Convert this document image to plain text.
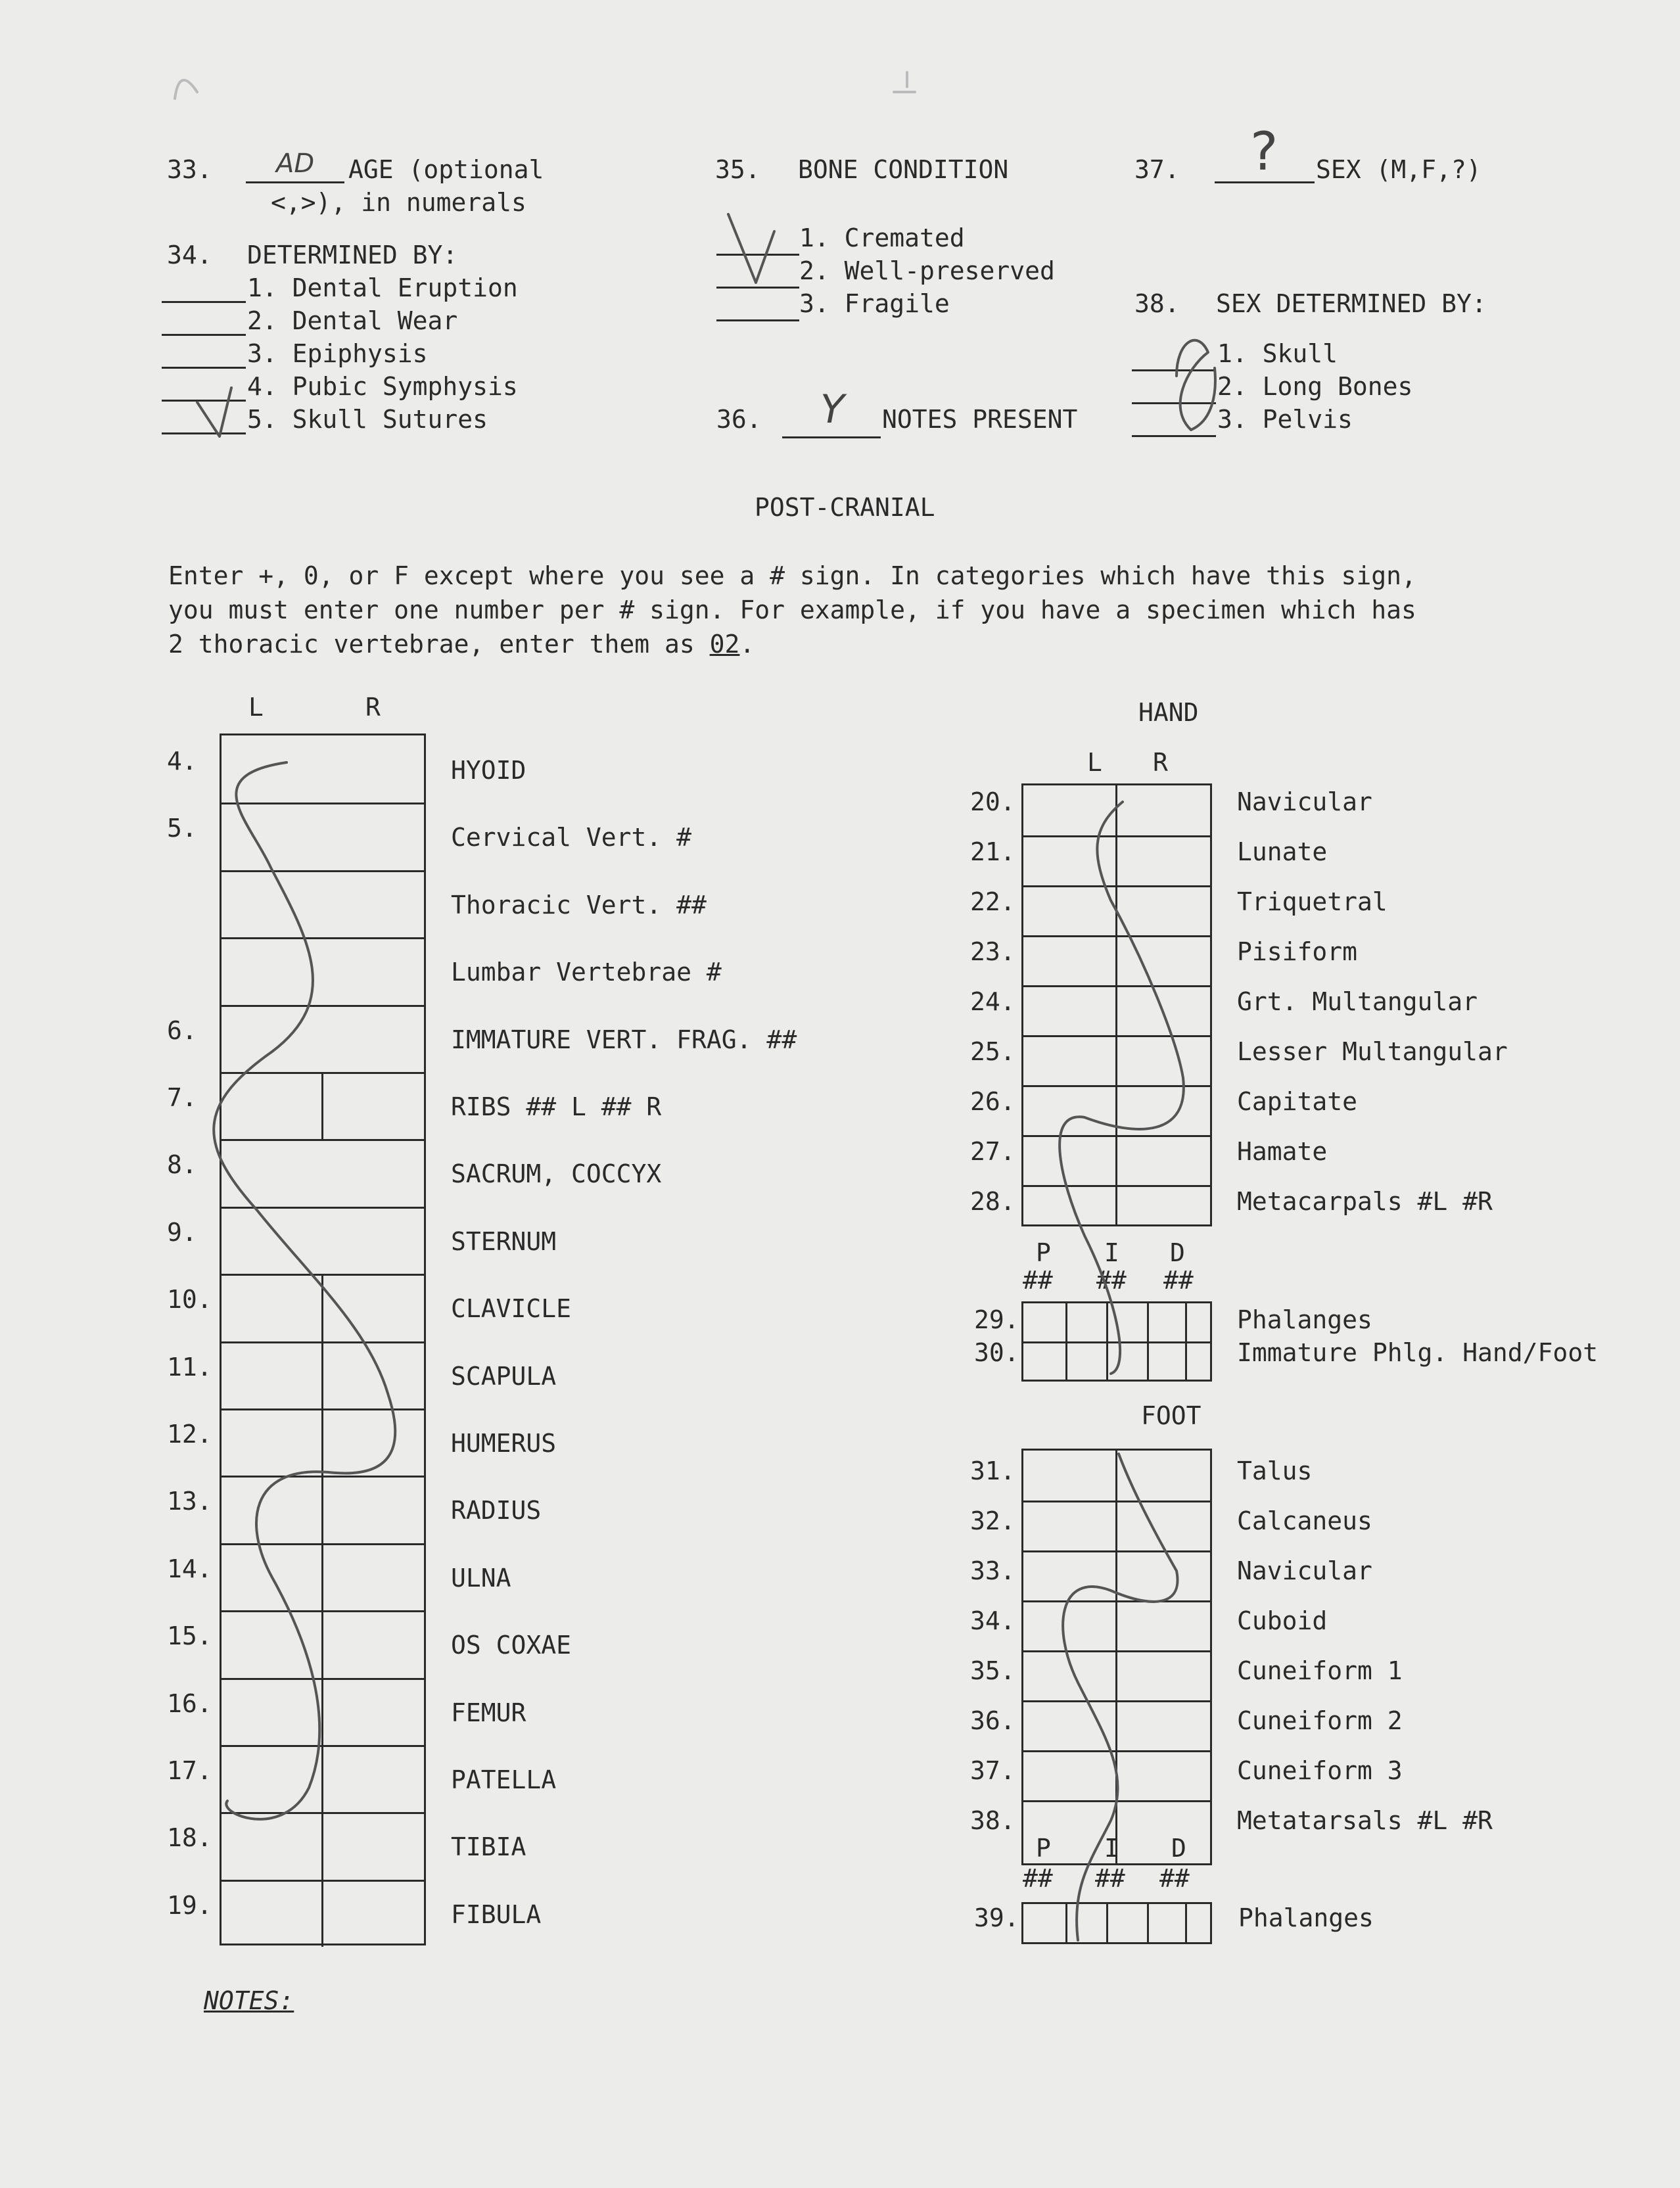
33. AD AGE (optional
<,>), in numerals
34. DETERMINED BY:
1. Dental Eruption
2. Dental Wear
3. Epiphysis
4. Pubic Symphysis
5. Skull Sutures
35. BONE CONDITION
1. Cremated
2. Well-preserved
3. Fragile
36. Y NOTES PRESENT
37. ? SEX (M,F,?)
38. SEX DETERMINED BY:
1. Skull
2. Long Bones
3. Pelvis
POST-CRANIAL
Enter +, 0, or F except where you see a # sign. In categories which have this sign,
you must enter one number per # sign. For example, if you have a specimen which has
2 thoracic vertebrae, enter them as 02.
L	R
4.	HYOID
5.	Cervical Vert. #
Thoracic Vert. ##
Lumbar Vertebrae #
6.	IMMATURE VERT. FRAG. ##
7.	RIBS ## L ## R
8.	SACRUM, COCCYX
9.	STERNUM
10.	CLAVICLE
11.	SCAPULA
12.	HUMERUS
13.	RADIUS
14.	ULNA
15.	OS COXAE
16.	FEMUR
17.	PATELLA
18.	TIBIA
19.	FIBULA
HAND
L R
20.	Navicular
21.	Lunate
22.	Triquetral
23.	Pisiform
24.	Grt. Multangular
25.	Lesser Multangular
26.	Capitate
27.	Hamate
28.	Metacarpals #L #R
P I D
## ## ##
29.	Phalanges
30.	Immature Phlg. Hand/Foot
FOOT
31.	Talus
32.	Calcaneus
33.	Navicular
34.	Cuboid
35.	Cuneiform 1
36.	Cuneiform 2
37.	Cuneiform 3
38.	Metatarsals #L #R
P I D
## ## ##
39.	Phalanges
NOTES:
